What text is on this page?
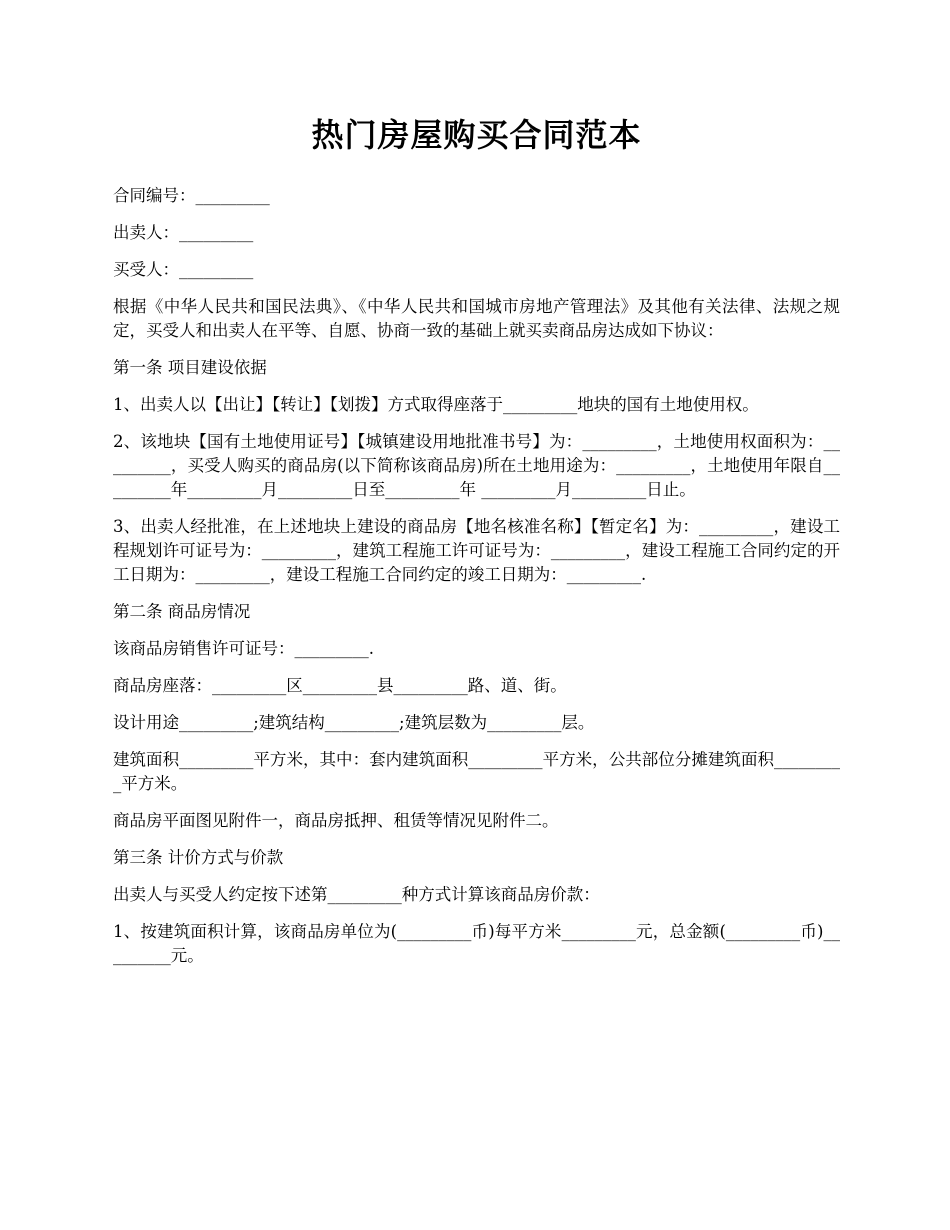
热门房屋购买合同范本

合同编号：_________

出卖人：_________

买受人：_________

根据《中华人民共和国民法典》、《中华人民共和国城市房地产管理法》及其他有关法律、法规之规定，买受人和出卖人在平等、自愿、协商一致的基础上就买卖商品房达成如下协议：

第一条 项目建设依据

1、出卖人以【出让】【转让】【划拨】方式取得座落于_________地块的国有土地使用权。

2、该地块【国有土地使用证号】【城镇建设用地批准书号】为：_________，土地使用权面积为：_________，买受人购买的商品房(以下简称该商品房)所在土地用途为：_________，土地使用年限自_________年_________月_________日至_________年 _________月_________日止。

3、出卖人经批准，在上述地块上建设的商品房【地名核准名称】【暂定名】为：_________，建设工程规划许可证号为：_________，建筑工程施工许可证号为：_________，建设工程施工合同约定的开工日期为：_________，建设工程施工合同约定的竣工日期为：_________.

第二条 商品房情况

该商品房销售许可证号：_________.

商品房座落：_________区_________县_________路、道、街。

设计用途_________;建筑结构_________;建筑层数为_________层。

建筑面积_________平方米，其中：套内建筑面积_________平方米，公共部位分摊建筑面积_________平方米。

商品房平面图见附件一，商品房抵押、租赁等情况见附件二。

第三条 计价方式与价款

出卖人与买受人约定按下述第_________种方式计算该商品房价款：

1、按建筑面积计算，该商品房单位为(_________币)每平方米_________元，总金额(_________币)_________元。
